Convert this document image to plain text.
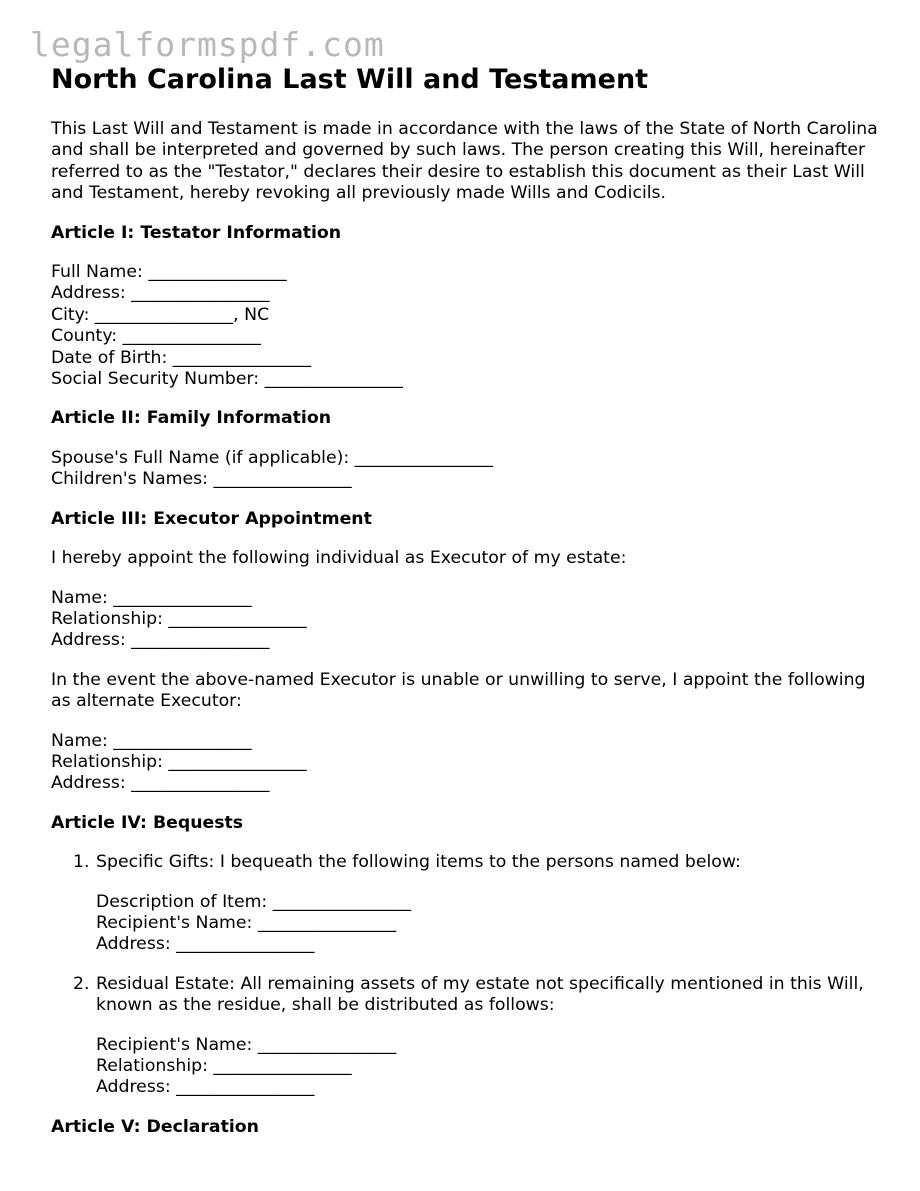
legalformspdf.com
North Carolina Last Will and Testament

This Last Will and Testament is made in accordance with the laws of the State of North Carolina and shall be interpreted and governed by such laws. The person creating this Will, hereinafter referred to as the "Testator," declares their desire to establish this document as their Last Will and Testament, hereby revoking all previously made Wills and Codicils.

Article I: Testator Information
Full Name: ________________
Address: ________________
City: ________________, NC
County: ________________
Date of Birth: ________________
Social Security Number: ________________
Article II: Family Information
Spouse's Full Name (if applicable): ________________
Children's Names: ________________
Article III: Executor Appointment

I hereby appoint the following individual as Executor of my estate:

Name: ________________
Relationship: ________________
Address: ________________

In the event the above-named Executor is unable or unwilling to serve, I appoint the following as alternate Executor:

Name: ________________
Relationship: ________________
Address: ________________
Article IV: Bequests
1. Specific Gifts: I bequeath the following items to the persons named below:
Description of Item: ________________
Recipient's Name: ________________
Address: ________________
2. Residual Estate: All remaining assets of my estate not specifically mentioned in this Will, known as the residue, shall be distributed as follows:
Recipient's Name: ________________
Relationship: ________________
Address: ________________
Article V: Declaration
